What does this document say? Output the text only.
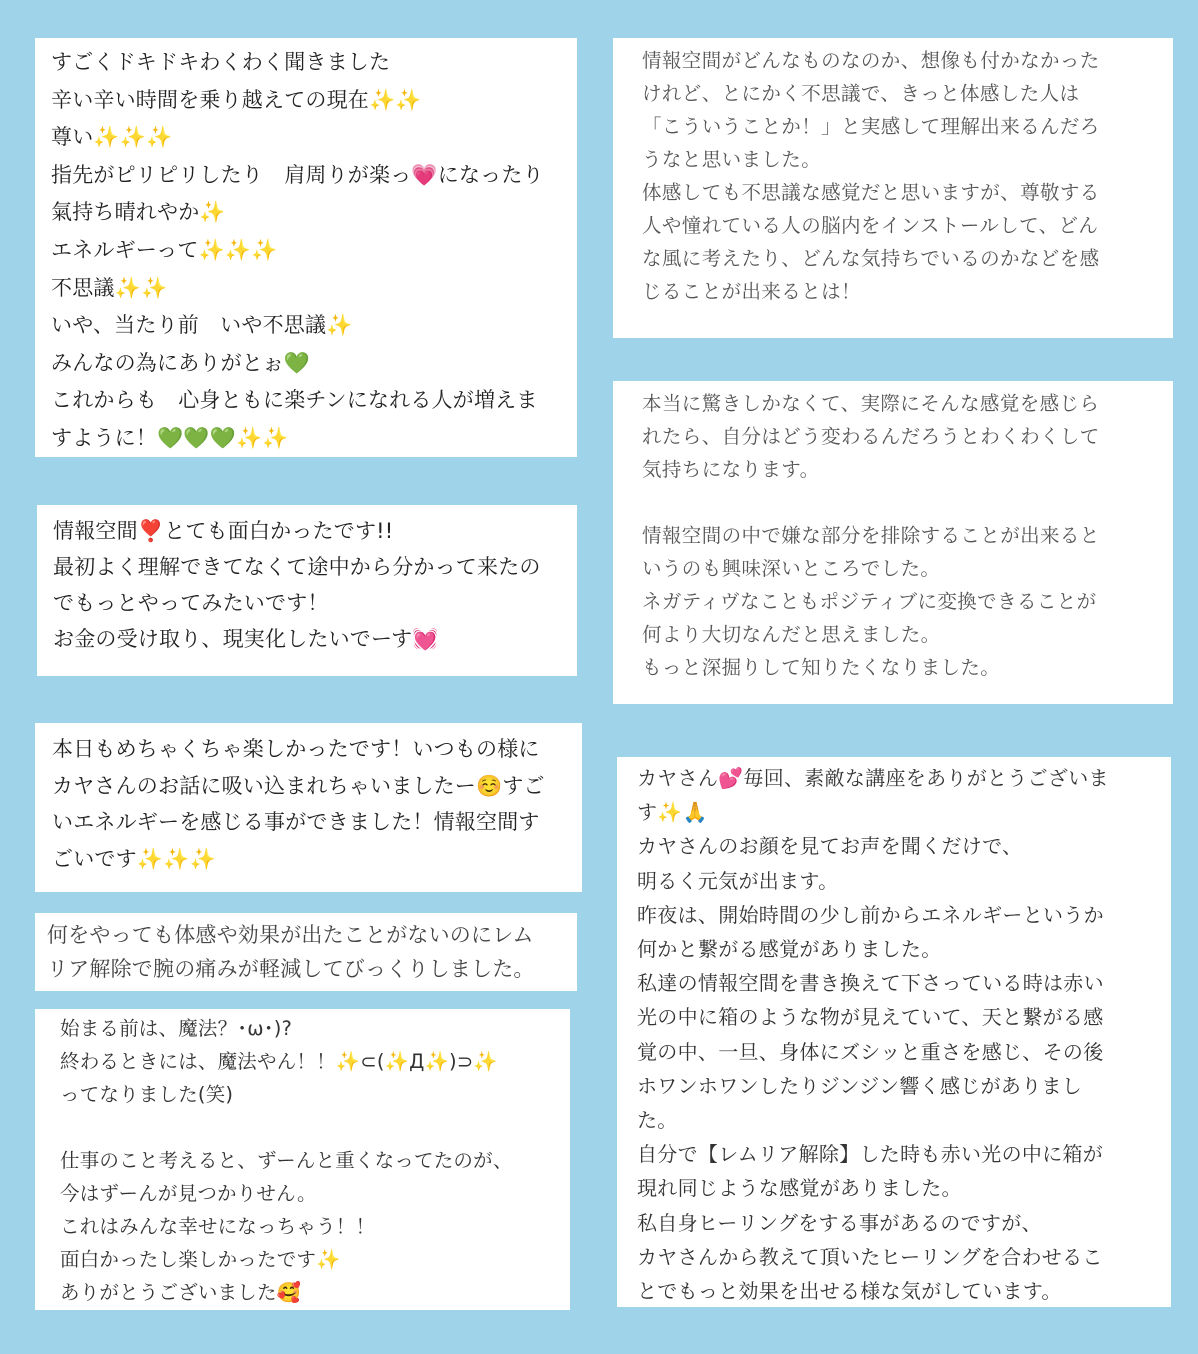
すごくドキドキわくわく聞きました
辛い辛い時間を乗り越えての現在✨✨
尊い✨✨✨
指先がピリピリしたり　肩周りが楽っ💗になったり
氣持ち晴れやか✨
エネルギーって✨✨✨
不思議✨✨
いや、当たり前　いや不思議✨
みんなの為にありがとぉ💚
これからも　心身ともに楽チンになれる人が増えま
すように！💚💚💚✨✨
情報空間❣️とても面白かったです!!
最初よく理解できてなくて途中から分かって来たの
でもっとやってみたいです！
お金の受け取り、現実化したいでーす💓
本日もめちゃくちゃ楽しかったです！いつもの様に
カヤさんのお話に吸い込まれちゃいましたー☺️すご
いエネルギーを感じる事ができました！情報空間す
ごいです✨✨✨
何をやっても体感や効果が出たことがないのにレム
リア解除で腕の痛みが軽減してびっくりしました。
始まる前は、魔法？･ω･)?
終わるときには、魔法やん！！✨⊂(✨Д✨)⊃✨
ってなりました(笑)
仕事のこと考えると、ずーんと重くなってたのが、
今はずーんが見つかりせん。
これはみんな幸せになっちゃう！！
面白かったし楽しかったです✨
ありがとうございました🥰
情報空間がどんなものなのか、想像も付かなかった
けれど、とにかく不思議で、きっと体感した人は
「こういうことか！」と実感して理解出来るんだろ
うなと思いました。
体感しても不思議な感覚だと思いますが、尊敬する
人や憧れている人の脳内をインストールして、どん
な風に考えたり、どんな気持ちでいるのかなどを感
じることが出来るとは！
本当に驚きしかなくて、実際にそんな感覚を感じら
れたら、自分はどう変わるんだろうとわくわくして
気持ちになります。
情報空間の中で嫌な部分を排除することが出来ると
いうのも興味深いところでした。
ネガティヴなこともポジティブに変換できることが
何より大切なんだと思えました。
もっと深掘りして知りたくなりました。
カヤさん💕毎回、素敵な講座をありがとうございま
す✨🙏
カヤさんのお顔を見てお声を聞くだけで、
明るく元気が出ます。
昨夜は、開始時間の少し前からエネルギーというか
何かと繋がる感覚がありました。
私達の情報空間を書き換えて下さっている時は赤い
光の中に箱のような物が見えていて、天と繋がる感
覚の中、一旦、身体にズシッと重さを感じ、その後
ホワンホワンしたりジンジン響く感じがありまし
た。
自分で【レムリア解除】した時も赤い光の中に箱が
現れ同じような感覚がありました。
私自身ヒーリングをする事があるのですが、
カヤさんから教えて頂いたヒーリングを合わせるこ
とでもっと効果を出せる様な気がしています。
